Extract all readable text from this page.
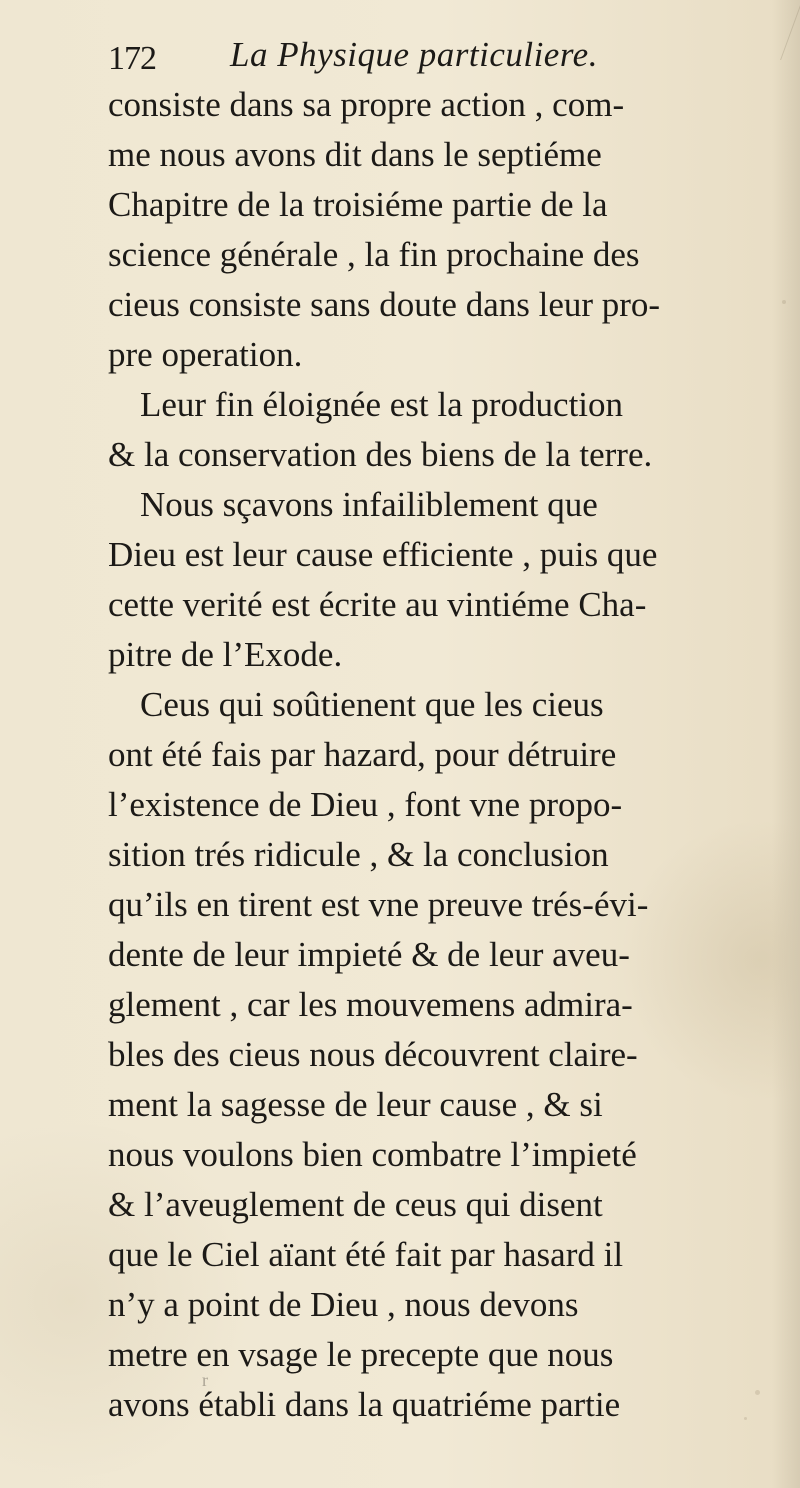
172 La Physique particuliere.
consiste dans sa propre action , com-
me nous avons dit dans le septiéme
Chapitre de la troisiéme partie de la
science générale , la fin prochaine des
cieus consiste sans doute dans leur pro-
pre operation.
Leur fin éloignée est la production
& la conservation des biens de la terre.
Nous sçavons infailiblement que
Dieu est leur cause efficiente , puis que
cette verité est écrite au vintiéme Cha-
pitre de l’Exode.
Ceus qui soûtienent que les cieus
ont été fais par hazard, pour détruire
l’existence de Dieu , font vne propo-
sition trés ridicule , & la conclusion
qu’ils en tirent est vne preuve trés-évi-
dente de leur impieté & de leur aveu-
glement , car les mouvemens admira-
bles des cieus nous découvrent claire-
ment la sagesse de leur cause , & si
nous voulons bien combatre l’impieté
& l’aveuglement de ceus qui disent
que le Ciel aïant été fait par hasard il
n’y a point de Dieu , nous devons
metre en vsage le precepte que nous
avons établi dans la quatriéme partie
r
